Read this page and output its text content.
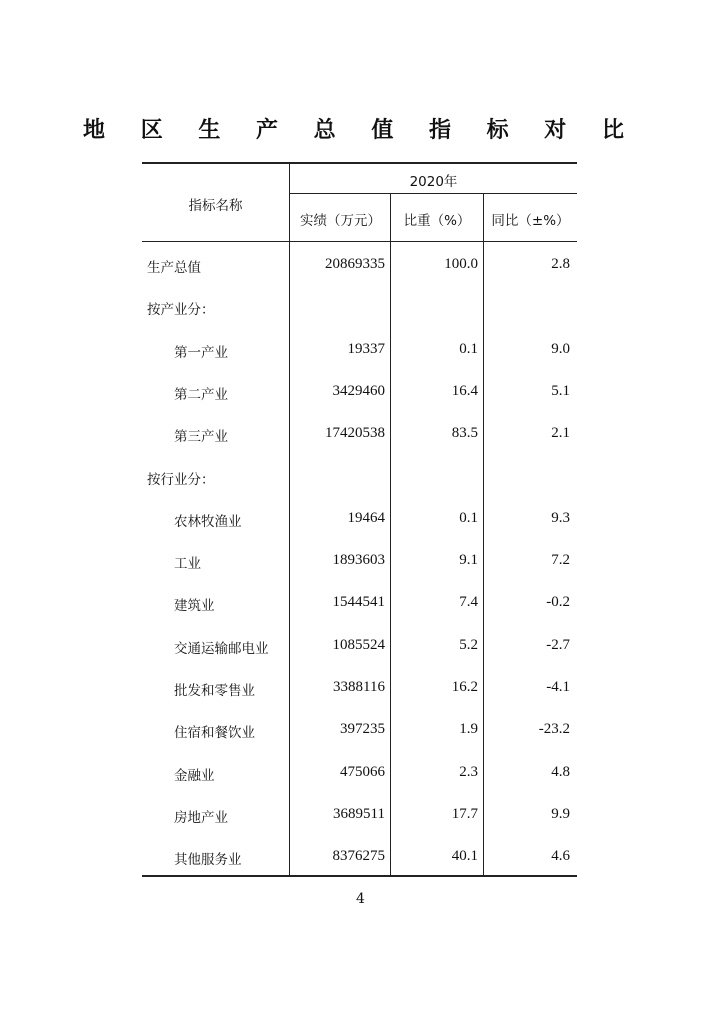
地 区 生 产 总 值 指 标 对 比
指标名称
2020年
实绩（万元）	比重（%）	同比（±%）
生产总值	20869335	100.0	2.8
按产业分：
第一产业	19337	0.1	9.0
第二产业	3429460	16.4	5.1
第三产业	17420538	83.5	2.1
按行业分：
农林牧渔业	19464	0.1	9.3
工业	1893603	9.1	7.2
建筑业	1544541	7.4	-0.2
交通运输邮电业	1085524	5.2	-2.7
批发和零售业	3388116	16.2	-4.1
住宿和餐饮业	397235	1.9	-23.2
金融业	475066	2.3	4.8
房地产业	3689511	17.7	9.9
其他服务业	8376275	40.1	4.6
4
